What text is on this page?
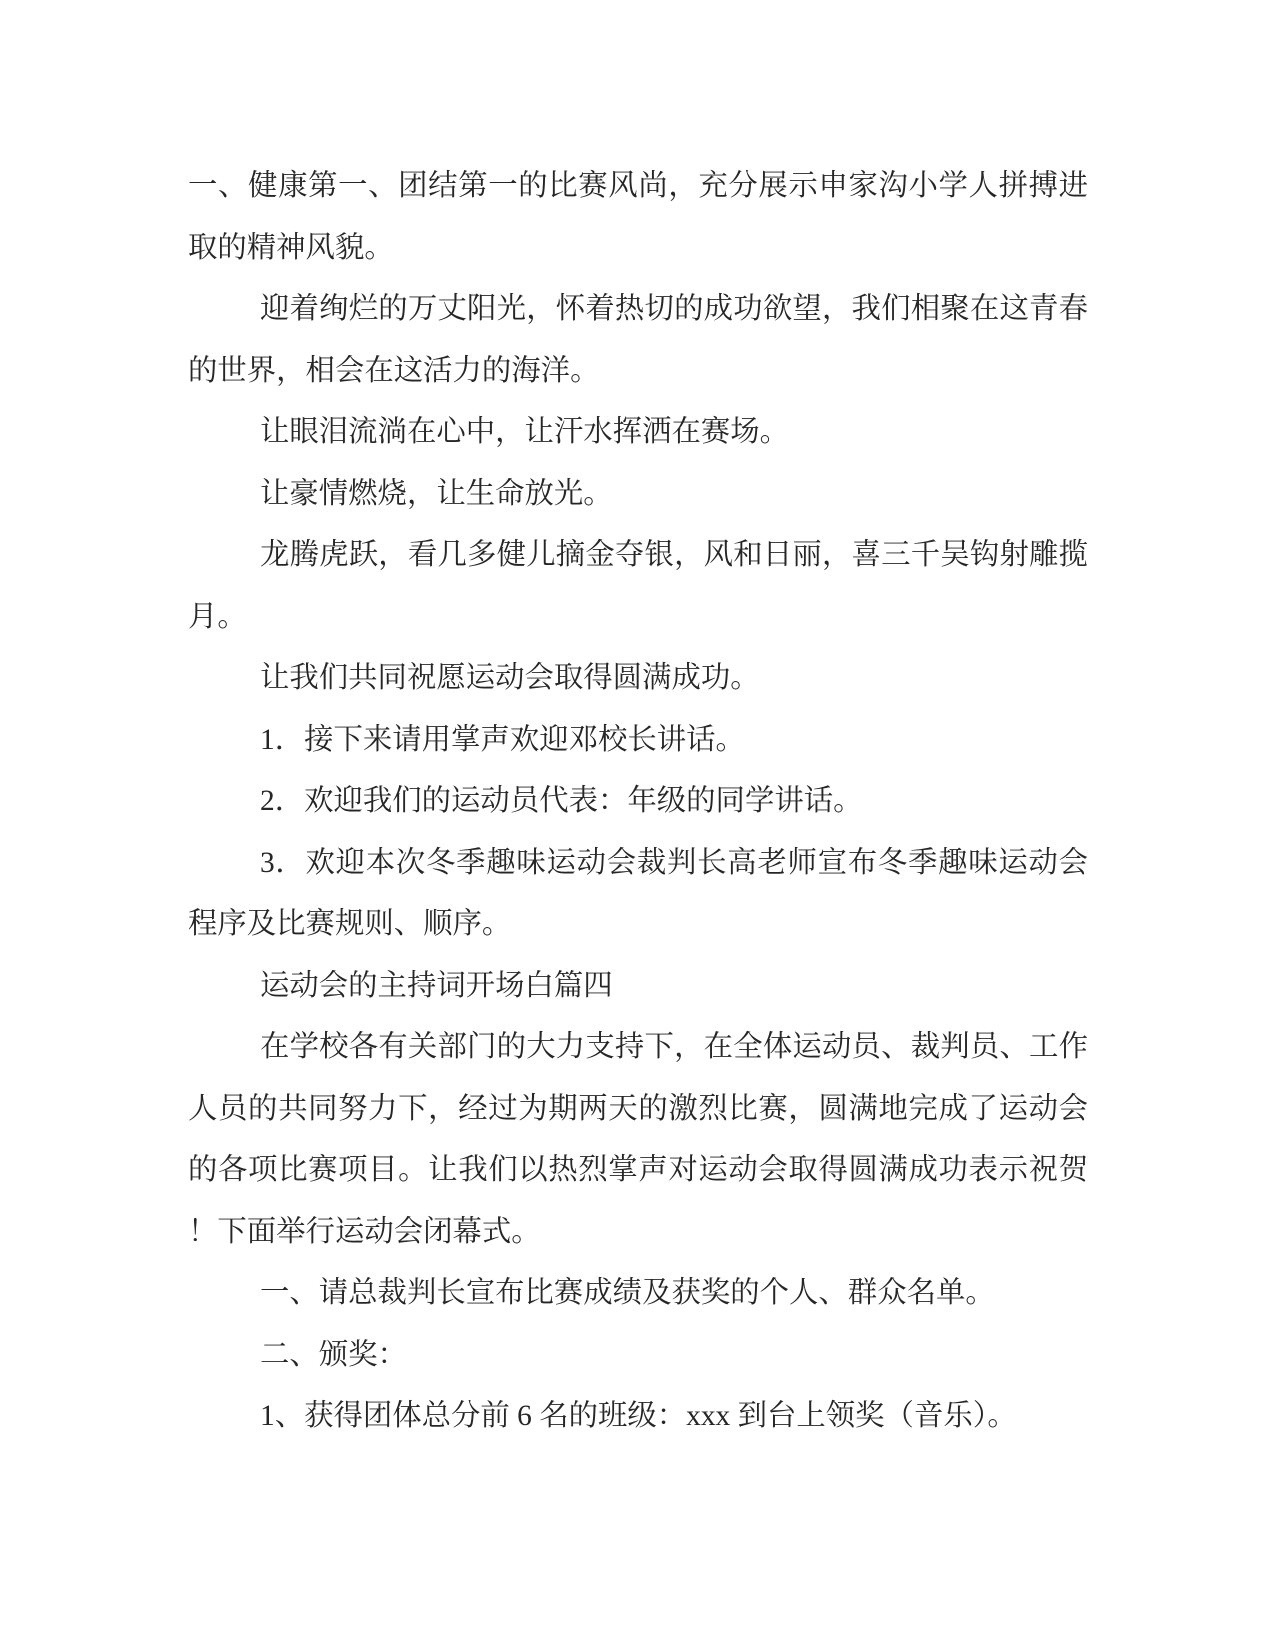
一、健康第一、团结第一的比赛风尚，充分展示申家沟小学人拼搏进取的精神风貌。

迎着绚烂的万丈阳光，怀着热切的成功欲望，我们相聚在这青春的世界，相会在这活力的海洋。

让眼泪流淌在心中，让汗水挥洒在赛场。

让豪情燃烧，让生命放光。

龙腾虎跃，看几多健儿摘金夺银，风和日丽，喜三千吴钩射雕揽月。

让我们共同祝愿运动会取得圆满成功。

1．接下来请用掌声欢迎邓校长讲话。

2．欢迎我们的运动员代表：年级的同学讲话。

3．欢迎本次冬季趣味运动会裁判长高老师宣布冬季趣味运动会程序及比赛规则、顺序。

运动会的主持词开场白篇四

在学校各有关部门的大力支持下，在全体运动员、裁判员、工作人员的共同努力下，经过为期两天的激烈比赛，圆满地完成了运动会的各项比赛项目。让我们以热烈掌声对运动会取得圆满成功表示祝贺！下面举行运动会闭幕式。

一、请总裁判长宣布比赛成绩及获奖的个人、群众名单。

二、颁奖：

1、获得团体总分前 6 名的班级：xxx 到台上领奖（音乐）。
